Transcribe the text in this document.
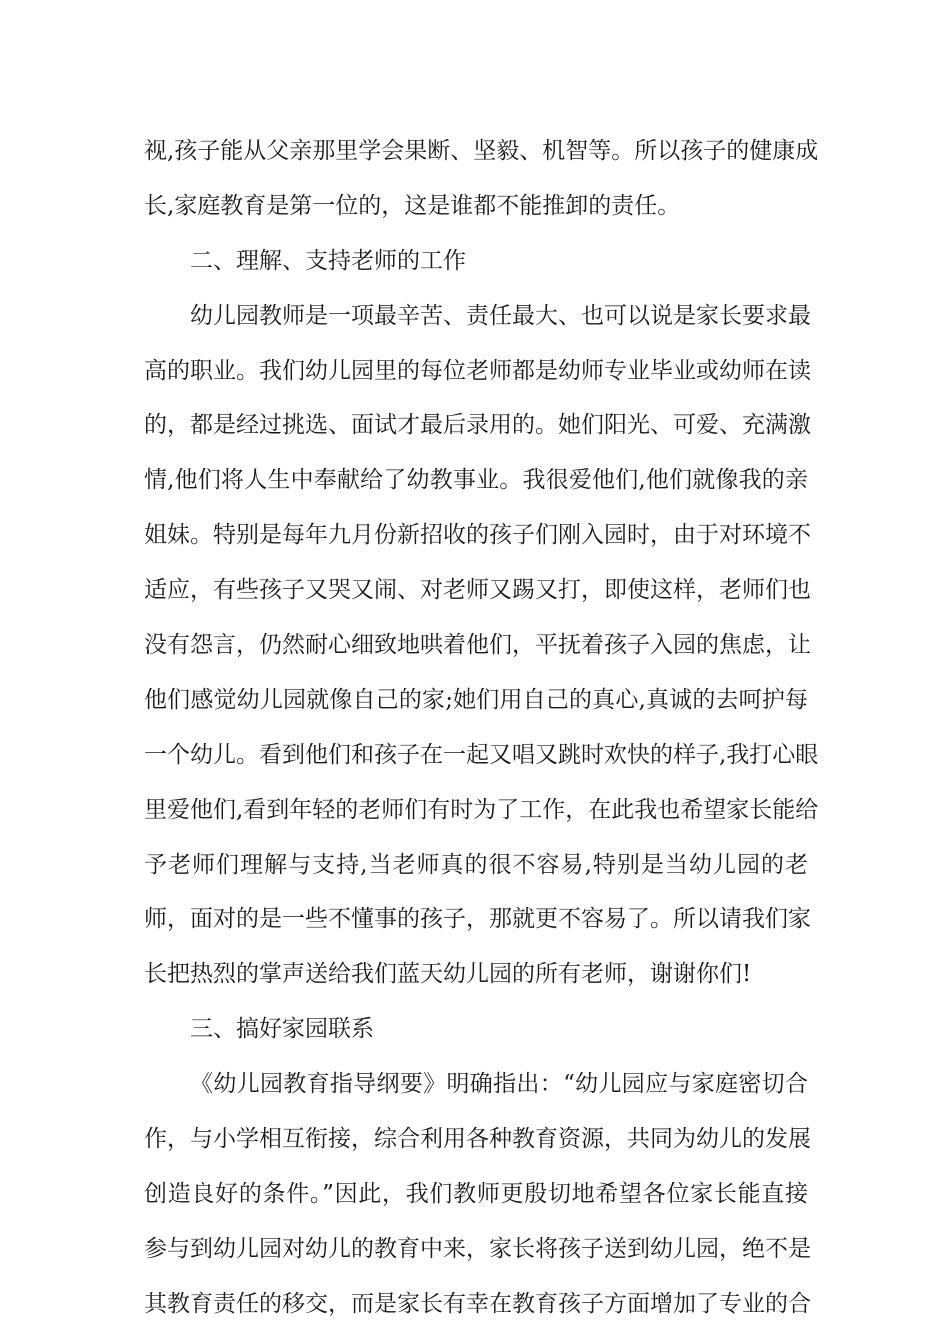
视,孩子能从父亲那里学会果断、坚毅、机智等。所以孩子的健康成
长,家庭教育是第一位的，这是谁都不能推卸的责任。
二、理解、支持老师的工作
幼儿园教师是一项最辛苦、责任最大、也可以说是家长要求最
高的职业。我们幼儿园里的每位老师都是幼师专业毕业或幼师在读
的，都是经过挑选、面试才最后录用的。她们阳光、可爱、充满激
情,他们将人生中奉献给了幼教事业。我很爱他们,他们就像我的亲
姐妹。特别是每年九月份新招收的孩子们刚入园时，由于对环境不
适应，有些孩子又哭又闹、对老师又踢又打，即使这样，老师们也
没有怨言，仍然耐心细致地哄着他们，平抚着孩子入园的焦虑，让
他们感觉幼儿园就像自己的家;她们用自己的真心,真诚的去呵护每
一个幼儿。看到他们和孩子在一起又唱又跳时欢快的样子,我打心眼
里爱他们,看到年轻的老师们有时为了工作，在此我也希望家长能给
予老师们理解与支持,当老师真的很不容易,特别是当幼儿园的老
师，面对的是一些不懂事的孩子，那就更不容易了。所以请我们家
长把热烈的掌声送给我们蓝天幼儿园的所有老师，谢谢你们!
三、搞好家园联系
《幼儿园教育指导纲要》明确指出：“幼儿园应与家庭密切合
作，与小学相互衔接，综合利用各种教育资源，共同为幼儿的发展
创造良好的条件。”因此，我们教师更殷切地希望各位家长能直接
参与到幼儿园对幼儿的教育中来，家长将孩子送到幼儿园，绝不是
其教育责任的移交，而是家长有幸在教育孩子方面增加了专业的合
